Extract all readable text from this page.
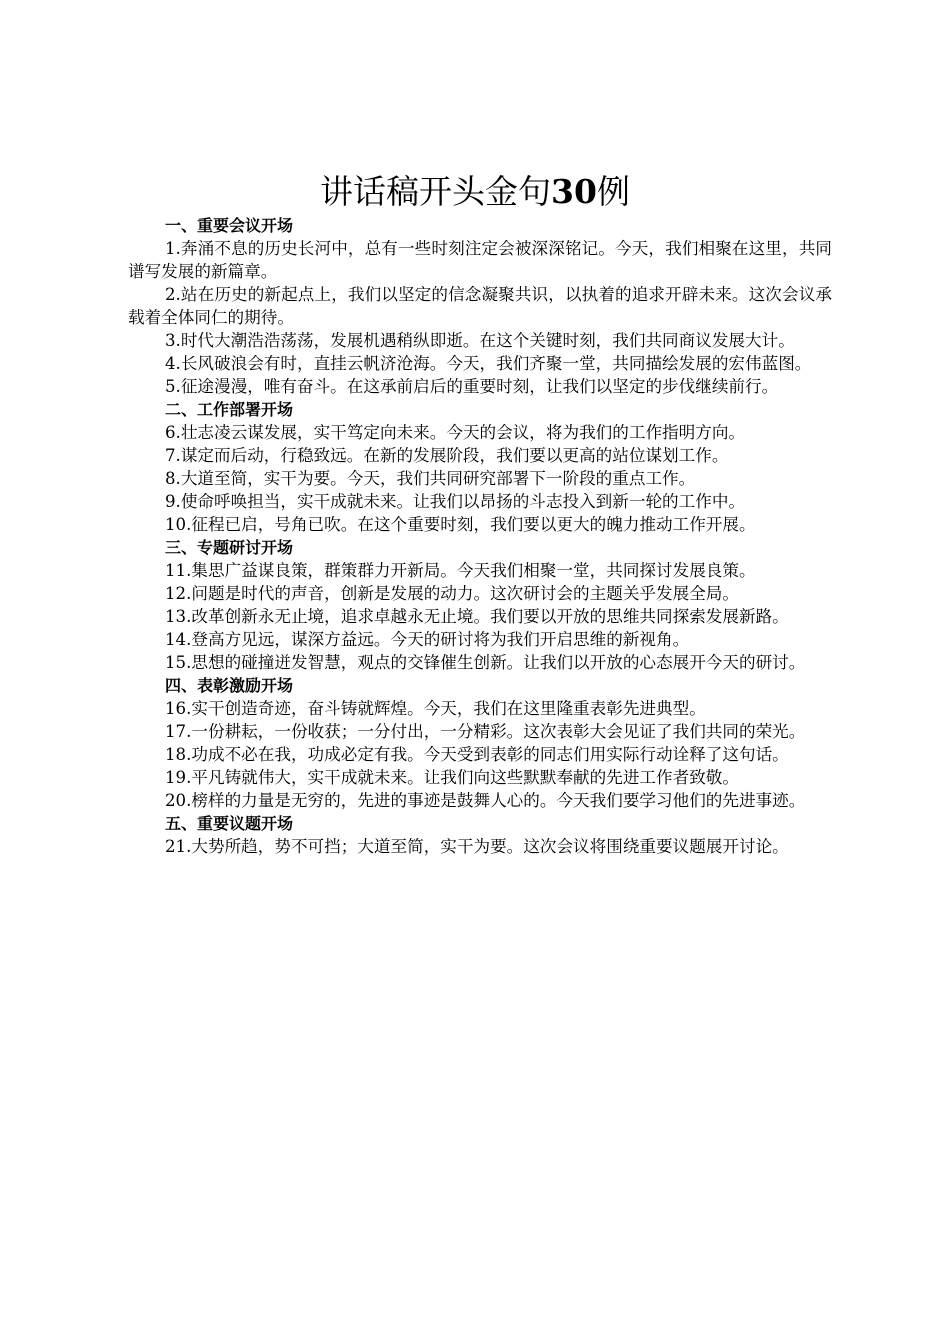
讲话稿开头金句30例

一、重要会议开场

1.奔涌不息的历史长河中，总有一些时刻注定会被深深铭记。今天，我们相聚在这里，共同谱写发展的新篇章。

2.站在历史的新起点上，我们以坚定的信念凝聚共识，以执着的追求开辟未来。这次会议承载着全体同仁的期待。

3.时代大潮浩浩荡荡，发展机遇稍纵即逝。在这个关键时刻，我们共同商议发展大计。

4.长风破浪会有时，直挂云帆济沧海。今天，我们齐聚一堂，共同描绘发展的宏伟蓝图。

5.征途漫漫，唯有奋斗。在这承前启后的重要时刻，让我们以坚定的步伐继续前行。

二、工作部署开场

6.壮志凌云谋发展，实干笃定向未来。今天的会议，将为我们的工作指明方向。

7.谋定而后动，行稳致远。在新的发展阶段，我们要以更高的站位谋划工作。

8.大道至简，实干为要。今天，我们共同研究部署下一阶段的重点工作。

9.使命呼唤担当，实干成就未来。让我们以昂扬的斗志投入到新一轮的工作中。

10.征程已启，号角已吹。在这个重要时刻，我们要以更大的魄力推动工作开展。

三、专题研讨开场

11.集思广益谋良策，群策群力开新局。今天我们相聚一堂，共同探讨发展良策。

12.问题是时代的声音，创新是发展的动力。这次研讨会的主题关乎发展全局。

13.改革创新永无止境，追求卓越永无止境。我们要以开放的思维共同探索发展新路。

14.登高方见远，谋深方益远。今天的研讨将为我们开启思维的新视角。

15.思想的碰撞迸发智慧，观点的交锋催生创新。让我们以开放的心态展开今天的研讨。

四、表彰激励开场

16.实干创造奇迹，奋斗铸就辉煌。今天，我们在这里隆重表彰先进典型。

17.一份耕耘，一份收获；一分付出，一分精彩。这次表彰大会见证了我们共同的荣光。

18.功成不必在我，功成必定有我。今天受到表彰的同志们用实际行动诠释了这句话。

19.平凡铸就伟大，实干成就未来。让我们向这些默默奉献的先进工作者致敬。

20.榜样的力量是无穷的，先进的事迹是鼓舞人心的。今天我们要学习他们的先进事迹。

五、重要议题开场

21.大势所趋，势不可挡；大道至简，实干为要。这次会议将围绕重要议题展开讨论。
